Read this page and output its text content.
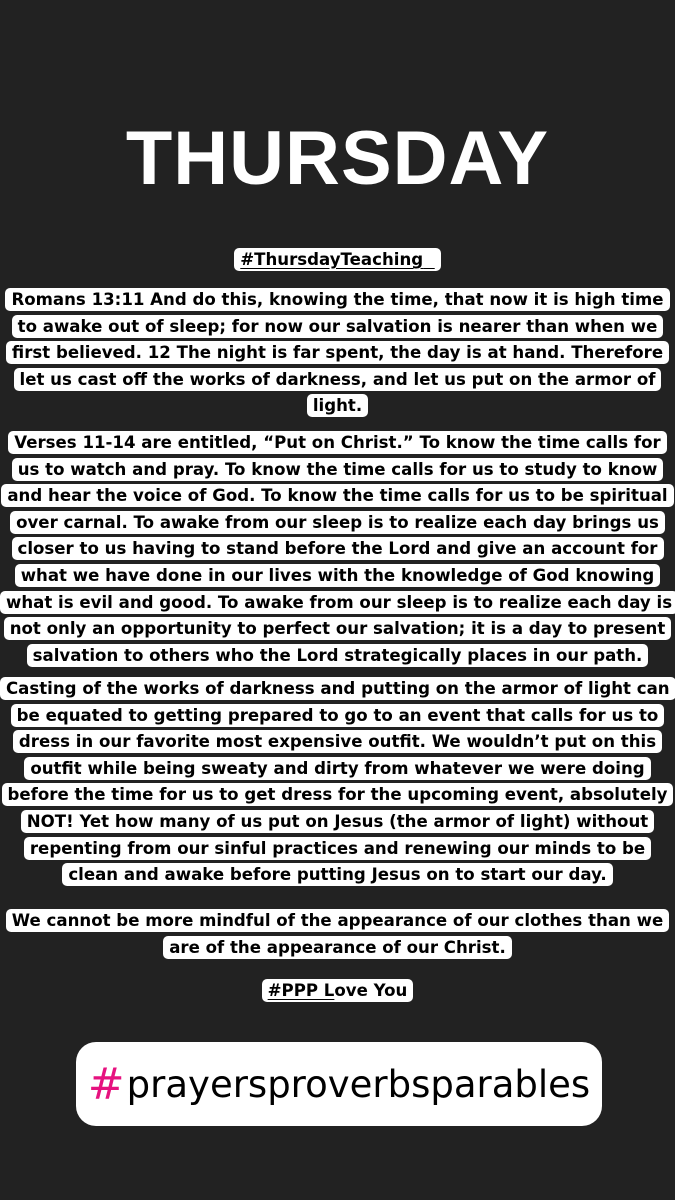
THURSDAY
#ThursdayTeaching
Romans 13:11 And do this, knowing the time, that now it is high time to awake out of sleep; for now our salvation is nearer than when we first believed. 12 The night is far spent, the day is at hand. Therefore let us cast off the works of darkness, and let us put on the armor of light.
Verses 11-14 are entitled, “Put on Christ.” To know the time calls for us to watch and pray. To know the time calls for us to study to know and hear the voice of God. To know the time calls for us to be spiritual over carnal. To awake from our sleep is to realize each day brings us closer to us having to stand before the Lord and give an account for what we have done in our lives with the knowledge of God knowing what is evil and good. To awake from our sleep is to realize each day is not only an opportunity to perfect our salvation; it is a day to present salvation to others who the Lord strategically places in our path.
Casting of the works of darkness and putting on the armor of light can be equated to getting prepared to go to an event that calls for us to dress in our favorite most expensive outfit. We wouldn’t put on this outfit while being sweaty and dirty from whatever we were doing before the time for us to get dress for the upcoming event, absolutely NOT! Yet how many of us put on Jesus (the armor of light) without repenting from our sinful practices and renewing our minds to be clean and awake before putting Jesus on to start our day.
We cannot be more mindful of the appearance of our clothes than we are of the appearance of our Christ.
#PPP Love You
# prayersproverbsparables
